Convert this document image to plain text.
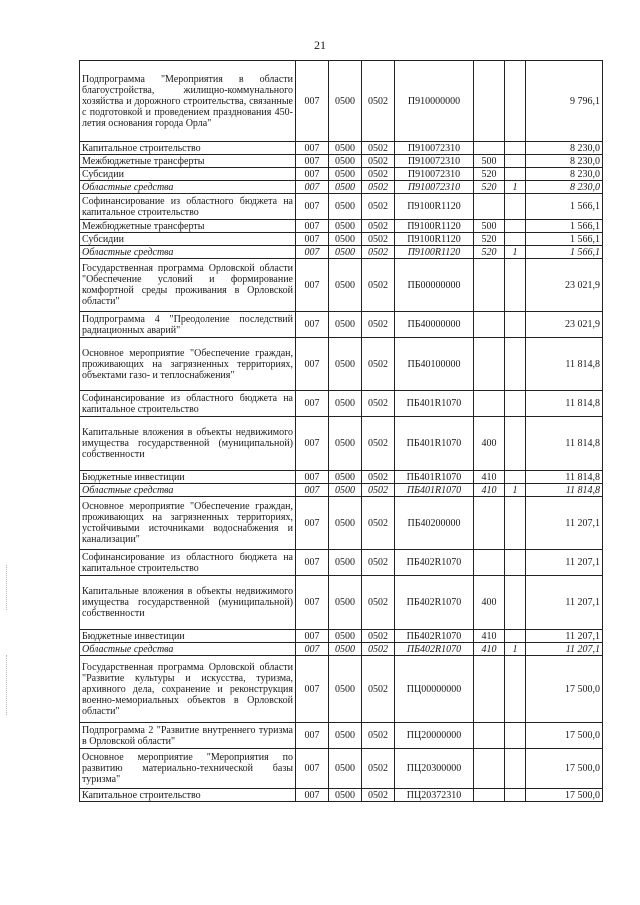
21
Подпрограмма "Мероприятия в области благоустройства, жилищно-коммунального хозяйства и дорожного строительства, связанные с подготовкой и проведением празднования 450-летия основания города Орла"	007	0500	0502	П910000000			9 796,1
Капитальное строительство	007	0500	0502	П910072310			8 230,0
Межбюджетные трансферты	007	0500	0502	П910072310	500		8 230,0
Субсидии	007	0500	0502	П910072310	520		8 230,0
Областные средства	007	0500	0502	П910072310	520	1	8 230,0
Софинансирование из областного бюджета на капитальное строительство	007	0500	0502	П9100R1120			1 566,1
Межбюджетные трансферты	007	0500	0502	П9100R1120	500		1 566,1
Субсидии	007	0500	0502	П9100R1120	520		1 566,1
Областные средства	007	0500	0502	П9100R1120	520	1	1 566,1
Государственная программа Орловской области "Обеспечение условий и формирование комфортной среды проживания в Орловской области"	007	0500	0502	ПБ00000000			23 021,9
Подпрограмма 4 "Преодоление последствий радиационных аварий"	007	0500	0502	ПБ40000000			23 021,9
Основное мероприятие "Обеспечение граждан, проживающих на загрязненных территориях, объектами газо- и теплоснабжения"	007	0500	0502	ПБ40100000			11 814,8
Софинансирование из областного бюджета на капитальное строительство	007	0500	0502	ПБ401R1070			11 814,8
Капитальные вложения в объекты недвижимого имущества государственной (муниципальной) собственности	007	0500	0502	ПБ401R1070	400		11 814,8
Бюджетные инвестиции	007	0500	0502	ПБ401R1070	410		11 814,8
Областные средства	007	0500	0502	ПБ401R1070	410	1	11 814,8
Основное мероприятие "Обеспечение граждан, проживающих на загрязненных территориях, устойчивыми источниками водоснабжения и канализации"	007	0500	0502	ПБ40200000			11 207,1
Софинансирование из областного бюджета на капитальное строительство	007	0500	0502	ПБ402R1070			11 207,1
Капитальные вложения в объекты недвижимого имущества государственной (муниципальной) собственности	007	0500	0502	ПБ402R1070	400		11 207,1
Бюджетные инвестиции	007	0500	0502	ПБ402R1070	410		11 207,1
Областные средства	007	0500	0502	ПБ402R1070	410	1	11 207,1
Государственная программа Орловской области "Развитие культуры и искусства, туризма, архивного дела, сохранение и реконструкция военно-мемориальных объектов в Орловской области"	007	0500	0502	ПЦ00000000			17 500,0
Подпрограмма 2 "Развитие внутреннего туризма в Орловской области"	007	0500	0502	ПЦ20000000			17 500,0
Основное мероприятие "Мероприятия по развитию материально-технической базы туризма"	007	0500	0502	ПЦ20300000			17 500,0
Капитальное строительство	007	0500	0502	ПЦ20372310			17 500,0
